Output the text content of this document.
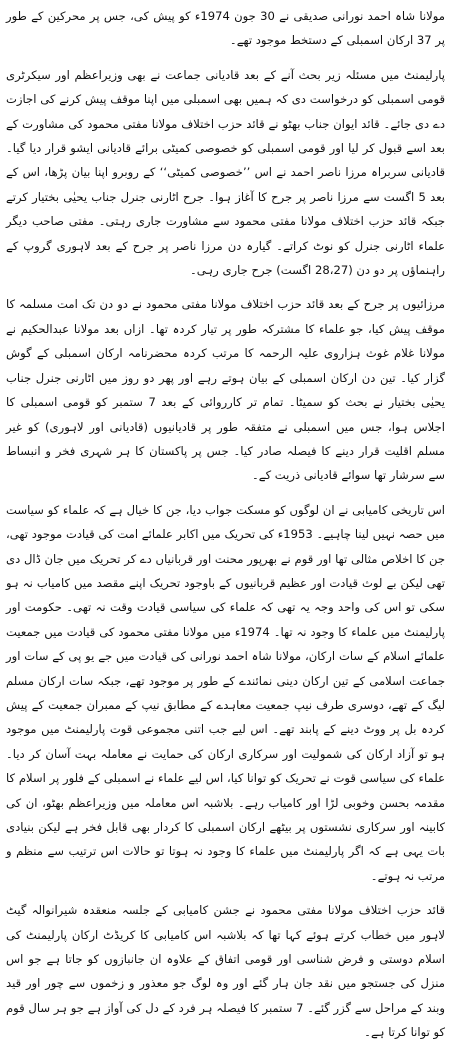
مولانا شاہ احمد نورانی صدیقی نے 30 جون 1974ء کو پیش کی، جس پر محرکین کے طور پر 37 ارکان اسمبلی کے دستخط موجود تھے۔

پارلیمنٹ میں مسئلہ زیر بحث آنے کے بعد قادیانی جماعت نے بھی وزیراعظم اور سیکرٹری قومی اسمبلی کو درخواست دی کہ ہمیں بھی اسمبلی میں اپنا موقف پیش کرنے کی اجازت دے دی جائے۔ قائد ایوان جناب بھٹو نے قائد حزب اختلاف مولانا مفتی محمود کی مشاورت کے بعد اسے قبول کر لیا اور قومی اسمبلی کو خصوصی کمیٹی برائے قادیانی ایشو قرار دیا گیا۔ قادیانی سربراہ مرزا ناصر احمد نے اس ’’خصوصی کمیٹی‘‘ کے روبرو اپنا بیان پڑھا، اس کے بعد 5 اگست سے مرزا ناصر پر جرح کا آغاز ہوا۔ جرح اٹارنی جنرل جناب یحیٰی بختیار کرتے جبکہ قائد حزب اختلاف مولانا مفتی محمود سے مشاورت جاری رہتی۔ مفتی صاحب دیگر علماء اٹارنی جنرل کو نوٹ کراتے۔ گیارہ دن مرزا ناصر پر جرح کے بعد لاہوری گروپ کے راہنماؤں پر دو دن (28،27 اگست) جرح جاری رہی۔

مرزائیوں پر جرح کے بعد قائد حزب اختلاف مولانا مفتی محمود نے دو دن تک امت مسلمہ کا موقف پیش کیا، جو علماء کا مشترکہ طور پر تیار کردہ تھا۔ ازاں بعد مولانا عبدالحکیم نے مولانا غلام غوث ہزاروی علیہ الرحمہ کا مرتب کردہ محضرنامہ ارکان اسمبلی کے گوش گزار کیا۔ تین دن ارکان اسمبلی کے بیان ہوتے رہے اور پھر دو روز میں اٹارنی جنرل جناب یحیٰی بختیار نے بحث کو سمیٹا۔ تمام تر کارروائی کے بعد 7 ستمبر کو قومی اسمبلی کا اجلاس ہوا، جس میں اسمبلی نے متفقہ طور پر قادیانیوں (قادیانی اور لاہوری) کو غیر مسلم اقلیت قرار دینے کا فیصلہ صادر کیا۔ جس پر پاکستان کا ہر شہری فخر و انبساط سے سرشار تھا سوائے قادیانی ذریت کے۔

اس تاریخی کامیابی نے ان لوگوں کو مسکت جواب دیا، جن کا خیال ہے کہ علماء کو سیاست میں حصہ نہیں لینا چاہیے۔ 1953ء کی تحریک میں اکابر علمائے امت کی قیادت موجود تھی، جن کا اخلاص مثالی تھا اور قوم نے بھرپور محنت اور قربانیاں دے کر تحریک میں جان ڈال دی تھی لیکن بے لوث قیادت اور عظیم قربانیوں کے باوجود تحریک اپنے مقصد میں کامیاب نہ ہو سکی تو اس کی واحد وجہ یہ تھی کہ علماء کی سیاسی قیادت وقت نہ تھی۔ حکومت اور پارلیمنٹ میں علماء کا وجود نہ تھا۔ 1974ء میں مولانا مفتی محمود کی قیادت میں جمعیت علمائے اسلام کے سات ارکان، مولانا شاہ احمد نورانی کی قیادت میں جے یو پی کے سات اور جماعت اسلامی کے تین ارکان دینی نمائندے کے طور پر موجود تھے، جبکہ سات ارکان مسلم لیگ کے تھے، دوسری طرف نیپ جمعیت معاہدے کے مطابق نیپ کے ممبران جمعیت کے پیش کردہ بل پر ووٹ دینے کے پابند تھے۔ اس لیے جب اتنی مجموعی قوت پارلیمنٹ میں موجود ہو تو آزاد ارکان کی شمولیت اور سرکاری ارکان کی حمایت نے معاملہ بہت آسان کر دیا۔ علماء کی سیاسی قوت نے تحریک کو توانا کیا، اس لیے علماء نے اسمبلی کے فلور پر اسلام کا مقدمہ بحسن وخوبی لڑا اور کامیاب رہے۔ بلاشبہ اس معاملہ میں وزیراعظم بھٹو، ان کی کابینہ اور سرکاری نشستوں پر بیٹھے ارکان اسمبلی کا کردار بھی قابل فخر ہے لیکن بنیادی بات یہی ہے کہ اگر پارلیمنٹ میں علماء کا وجود نہ ہوتا تو حالات اس ترتیب سے منظم و مرتب نہ ہوتے۔

قائد حزب اختلاف مولانا مفتی محمود نے جشن کامیابی کے جلسہ منعقدہ شیرانوالہ گیٹ لاہور میں خطاب کرتے ہوئے کہا تھا کہ بلاشبہ اس کامیابی کا کریڈٹ ارکان پارلیمنٹ کی اسلام دوستی و فرض شناسی اور قومی اتفاق کے علاوہ ان جانبازوں کو جاتا ہے جو اس منزل کی جستجو میں نقد جان ہار گئے اور وہ لوگ جو معذور و زخموں سے چور اور قید وبند کے مراحل سے گزر گئے۔ 7 ستمبر کا فیصلہ ہر فرد کے دل کی آواز ہے جو ہر سال قوم کو توانا کرتا ہے۔
